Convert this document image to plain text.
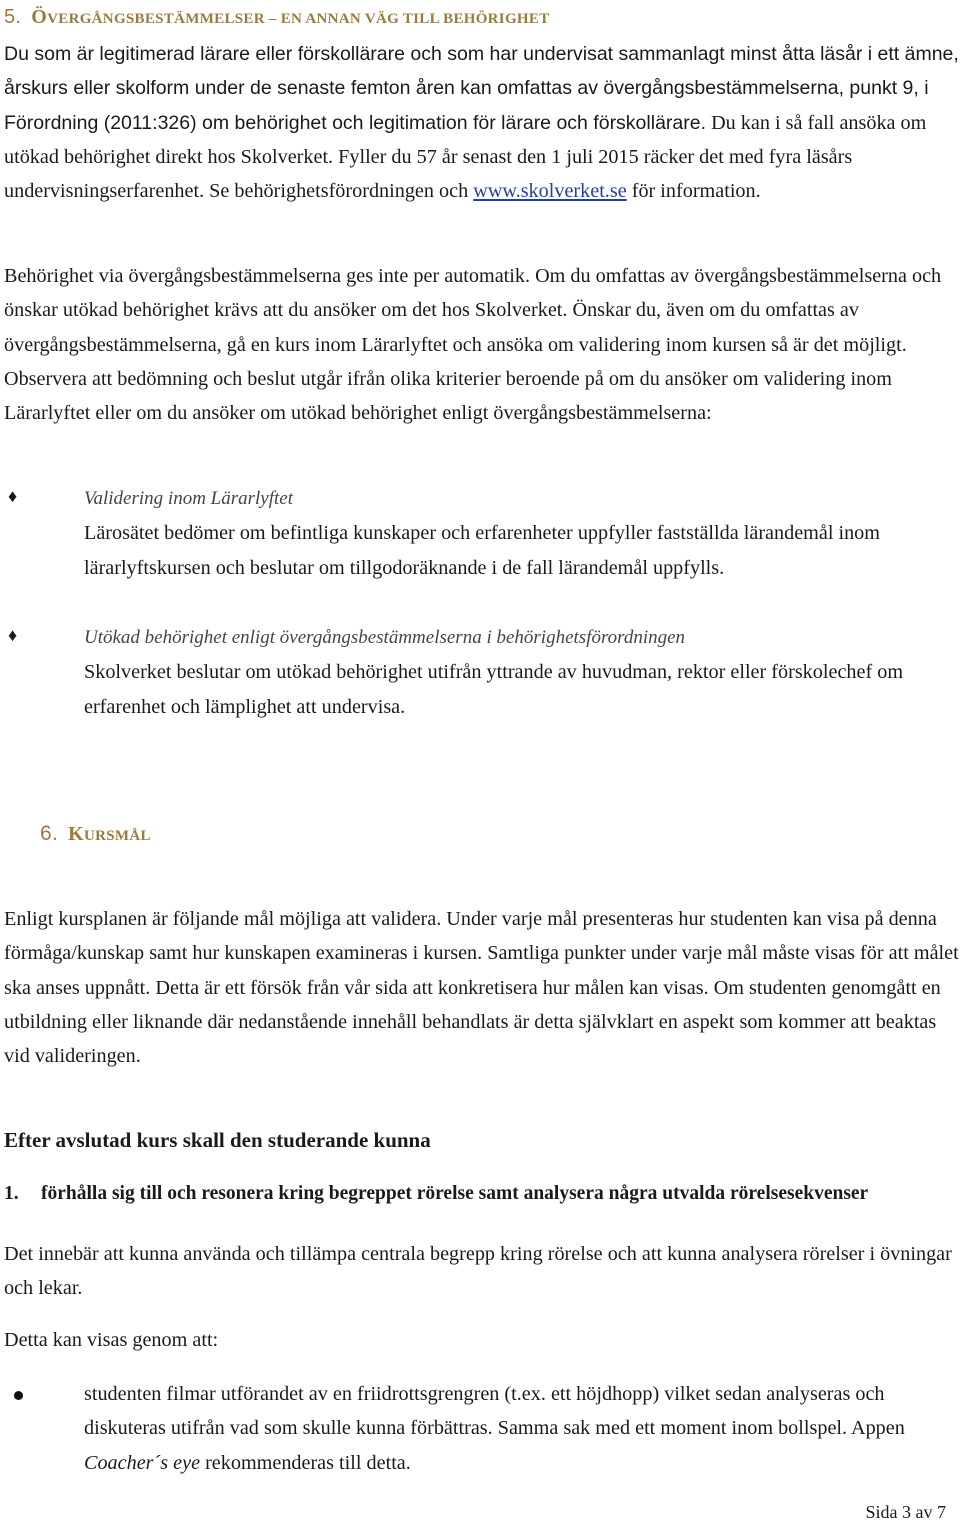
5. ÖVERGÅNGSBESTÄMMELSER – EN ANNAN VÄG TILL BEHÖRIGHET

Du som är legitimerad lärare eller förskollärare och som har undervisat sammanlagt minst åtta läsår i ett ämne, årskurs eller skolform under de senaste femton åren kan omfattas av övergångsbestämmelserna, punkt 9, i Förordning (2011:326) om behörighet och legitimation för lärare och förskollärare. Du kan i så fall ansöka om utökad behörighet direkt hos Skolverket. Fyller du 57 år senast den 1 juli 2015 räcker det med fyra läsårs undervisningserfarenhet. Se behörighetsförordningen och www.skolverket.se för information.

Behörighet via övergångsbestämmelserna ges inte per automatik. Om du omfattas av övergångsbestämmelserna och önskar utökad behörighet krävs att du ansöker om det hos Skolverket. Önskar du, även om du omfattas av övergångsbestämmelserna, gå en kurs inom Lärarlyftet och ansöka om validering inom kursen så är det möjligt. Observera att bedömning och beslut utgår ifrån olika kriterier beroende på om du ansöker om validering inom Lärarlyftet eller om du ansöker om utökad behörighet enligt övergångsbestämmelserna:

♦	Validering inom Lärarlyftet
Lärosätet bedömer om befintliga kunskaper och erfarenheter uppfyller fastställda lärandemål inom lärarlyftskursen och beslutar om tillgodoräknande i de fall lärandemål uppfylls.
♦	Utökad behörighet enligt övergångsbestämmelserna i behörighetsförordningen
Skolverket beslutar om utökad behörighet utifrån yttrande av huvudman, rektor eller förskolechef om erfarenhet och lämplighet att undervisa.
6. KURSMÅL

Enligt kursplanen är följande mål möjliga att validera. Under varje mål presenteras hur studenten kan visa på denna förmåga/kunskap samt hur kunskapen examineras i kursen. Samtliga punkter under varje mål måste visas för att målet ska anses uppnått. Detta är ett försök från vår sida att konkretisera hur målen kan visas. Om studenten genomgått en utbildning eller liknande där nedanstående innehåll behandlats är detta självklart en aspekt som kommer att beaktas vid valideringen.

Efter avslutad kurs skall den studerande kunna
1. förhålla sig till och resonera kring begreppet rörelse samt analysera några utvalda rörelsesekvenser

Det innebär att kunna använda och tillämpa centrala begrepp kring rörelse och att kunna analysera rörelser i övningar och lekar.

Detta kan visas genom att:

studenten filmar utförandet av en friidrottsgrengren (t.ex. ett höjdhopp) vilket sedan analyseras och diskuteras utifrån vad som skulle kunna förbättras. Samma sak med ett moment inom bollspel. Appen Coacher´s eye rekommenderas till detta.
Sida 3 av 7
